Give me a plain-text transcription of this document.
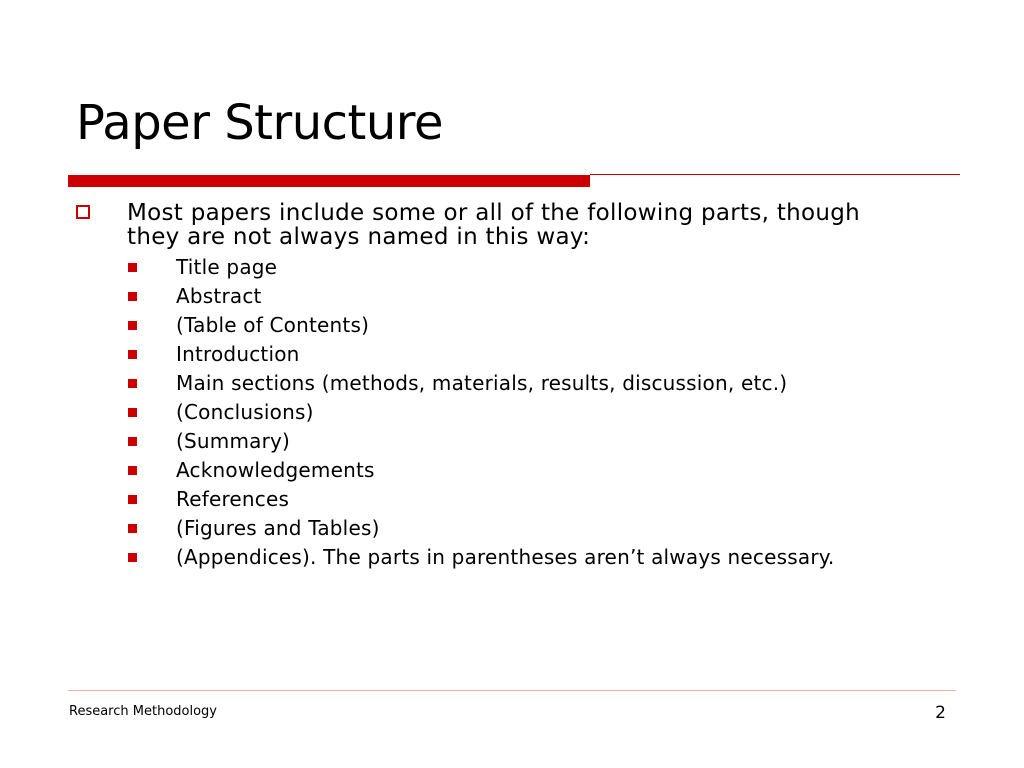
Paper Structure
Most papers include some or all of the following parts, though they are not always named in this way:
Title page
Abstract
(Table of Contents)
Introduction
Main sections (methods, materials, results, discussion, etc.)
(Conclusions)
(Summary)
Acknowledgements
References
(Figures and Tables)
(Appendices). The parts in parentheses aren’t always necessary.
Research Methodology	2
